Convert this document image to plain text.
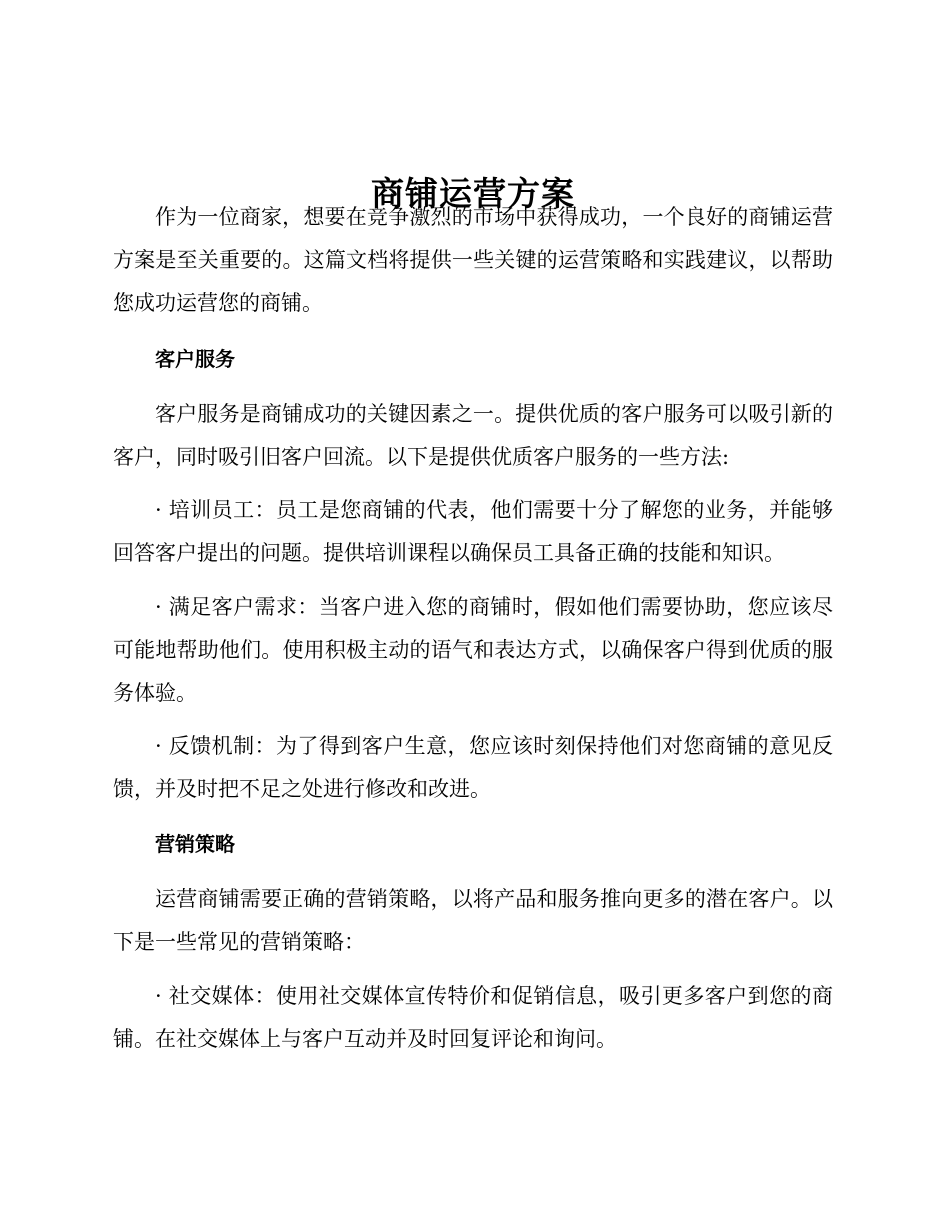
商铺运营方案

作为一位商家，想要在竞争激烈的市场中获得成功，一个良好的商铺运营方案是至关重要的。这篇文档将提供一些关键的运营策略和实践建议，以帮助您成功运营您的商铺。

客户服务

客户服务是商铺成功的关键因素之一。提供优质的客户服务可以吸引新的客户，同时吸引旧客户回流。以下是提供优质客户服务的一些方法:

· 培训员工：员工是您商铺的代表，他们需要十分了解您的业务，并能够回答客户提出的问题。提供培训课程以确保员工具备正确的技能和知识。

· 满足客户需求：当客户进入您的商铺时，假如他们需要协助，您应该尽可能地帮助他们。使用积极主动的语气和表达方式，以确保客户得到优质的服务体验。

· 反馈机制：为了得到客户生意，您应该时刻保持他们对您商铺的意见反馈，并及时把不足之处进行修改和改进。

营销策略

运营商铺需要正确的营销策略，以将产品和服务推向更多的潜在客户。以下是一些常见的营销策略：

· 社交媒体：使用社交媒体宣传特价和促销信息，吸引更多客户到您的商铺。在社交媒体上与客户互动并及时回复评论和询问。
